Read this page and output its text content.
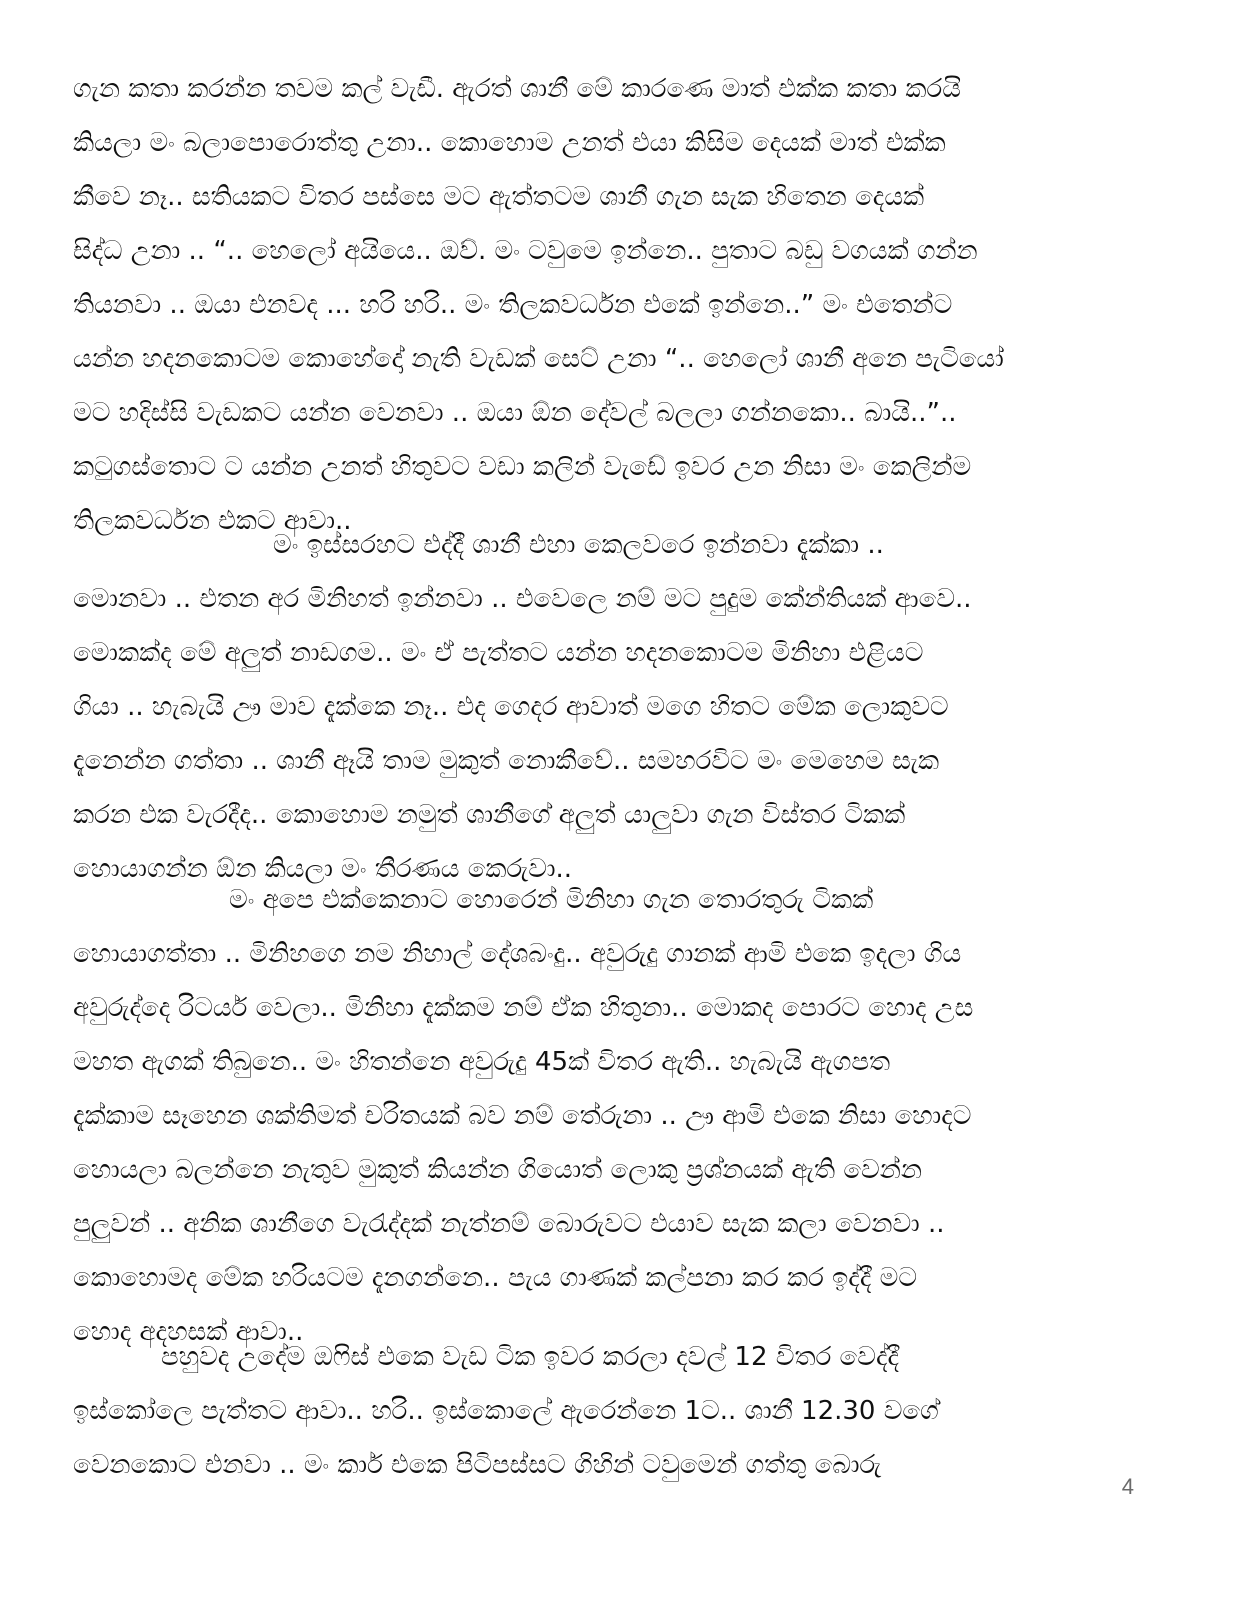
ගැන කතා කරන්න තවම කල් වැඩී. ඇරත් ශානී මේ කාරණෙ මාත් එක්ක කතා කරයි
කියලා මං බලාපොරොත්තු උනා.. කොහොම උනත් එයා කිසිම දෙයක් මාත් එක්ක
කීවෙ නෑ.. සතියකට විතර පස්සෙ මට ඇත්තටම ශානී ගැන සැක හිතෙන දෙයක්
සිද්ධ උනා .. “.. හෙලෝ අයියෙ.. ඔව්. මං ටවුමෙ ඉන්නෙ.. පුතාට බඩු වගයක් ගන්න
තියනවා .. ඔයා එනවද ... හරි හරි.. මං තිලකවර්ධන එකේ ඉන්නෙ..” මං එතෙන්ට
යන්න හදනකොටම කොහේදෝ නැති වැඩක් සෙට් උනා “.. හෙලෝ ශානී අනෙ පැටියෝ
මට හදිස්සි වැඩකට යන්න වෙනවා .. ඔයා ඕන දේවල් බලලා ගන්නකො.. බායි..”..
කටුගස්තොට ට යන්න උනත් හිතුවට වඩා කලින් වැඩේ ඉවර උන නිසා මං කෙලින්ම
තිලකවර්ධන එකට ආවා..
මං ඉස්සරහට එද්දී ශානී එහා කෙලවරෙ ඉන්නවා දැක්කා ..
මොනවා .. එතන අර මිනිහත් ඉන්නවා .. එවෙලෙ නම් මට පුදුම කේන්තියක් ආවෙ..
මොකක්ද මේ අලුත් නාඩගම.. මං ඒ පැත්තට යන්න හදනකොටම මිනිහා එළියට
ගියා .. හැබැයි ඌ මාව දැක්කෙ නෑ.. එද ගෙදර ආවාත් මගෙ හිතට මේක ලොකුවට
දැනෙන්න ගත්තා .. ශානී ඈයි තාම මුකුත් නොකීවේ.. සමහරවිට මං මෙහෙම සැක
කරන එක වැරදීද.. කොහොම නමුත් ශානීගේ අලුත් යාලුවා ගැන විස්තර ටිකක්
හොයාගන්න ඕන කියලා මං තීරණය කෙරුවා..
මං අපෙ එක්කෙනාට හොරෙන් මිනිහා ගැන තොරතුරු ටිකක්
හොයාගත්තා .. මිනිහගෙ නම නිහාල් දේශබංදු.. අවුරුදු ගානක් ආමි එකෙ ඉදලා ගිය
අවුරුද්දෙ රිටයර් වෙලා.. මිනිහා දැක්කම නම් ඒක හිතුනා.. මොකද පොරට හොද උස
මහත ඇගක් තිබුනෙ.. මං හිතන්නෙ අවුරුදු 45ක් විතර ඇති.. හැබැයි ඇගපත
දැක්කාම සෑහෙන ශක්තිමත් චරිතයක් බව නම් තේරුනා .. ඌ ආමි එකෙ නිසා හොදට
හොයලා බලන්නෙ නැතුව මුකුත් කියන්න ගියොත් ලොකු ප්‍රශ්නයක් ඇති වෙන්න
පුලුවන් .. අනික ශානීගෙ වැරැද්දක් නැත්නම් බොරුවට එයාව සැක කලා වෙනවා ..
කොහොමද මේක හරියටම දැනගන්නෙ.. පැය ගාණක් කල්පනා කර කර ඉද්දී මට
හොද අදහසක් ආවා..
පහුවද උදේම ඔෆිස් එකෙ වැඩ ටික ඉවර කරලා දවල් 12 විතර වෙද්දී
ඉස්කෝලෙ පැත්තට ආවා.. හරි.. ඉස්කොලේ ඇරෙන්නෙ 1ට.. ශානී 12.30 වගේ
වෙනකොට එනවා .. මං කාර් එකෙ පිටිපස්සට ගිහින් ටවුමෙන් ගත්තු බොරු
4
